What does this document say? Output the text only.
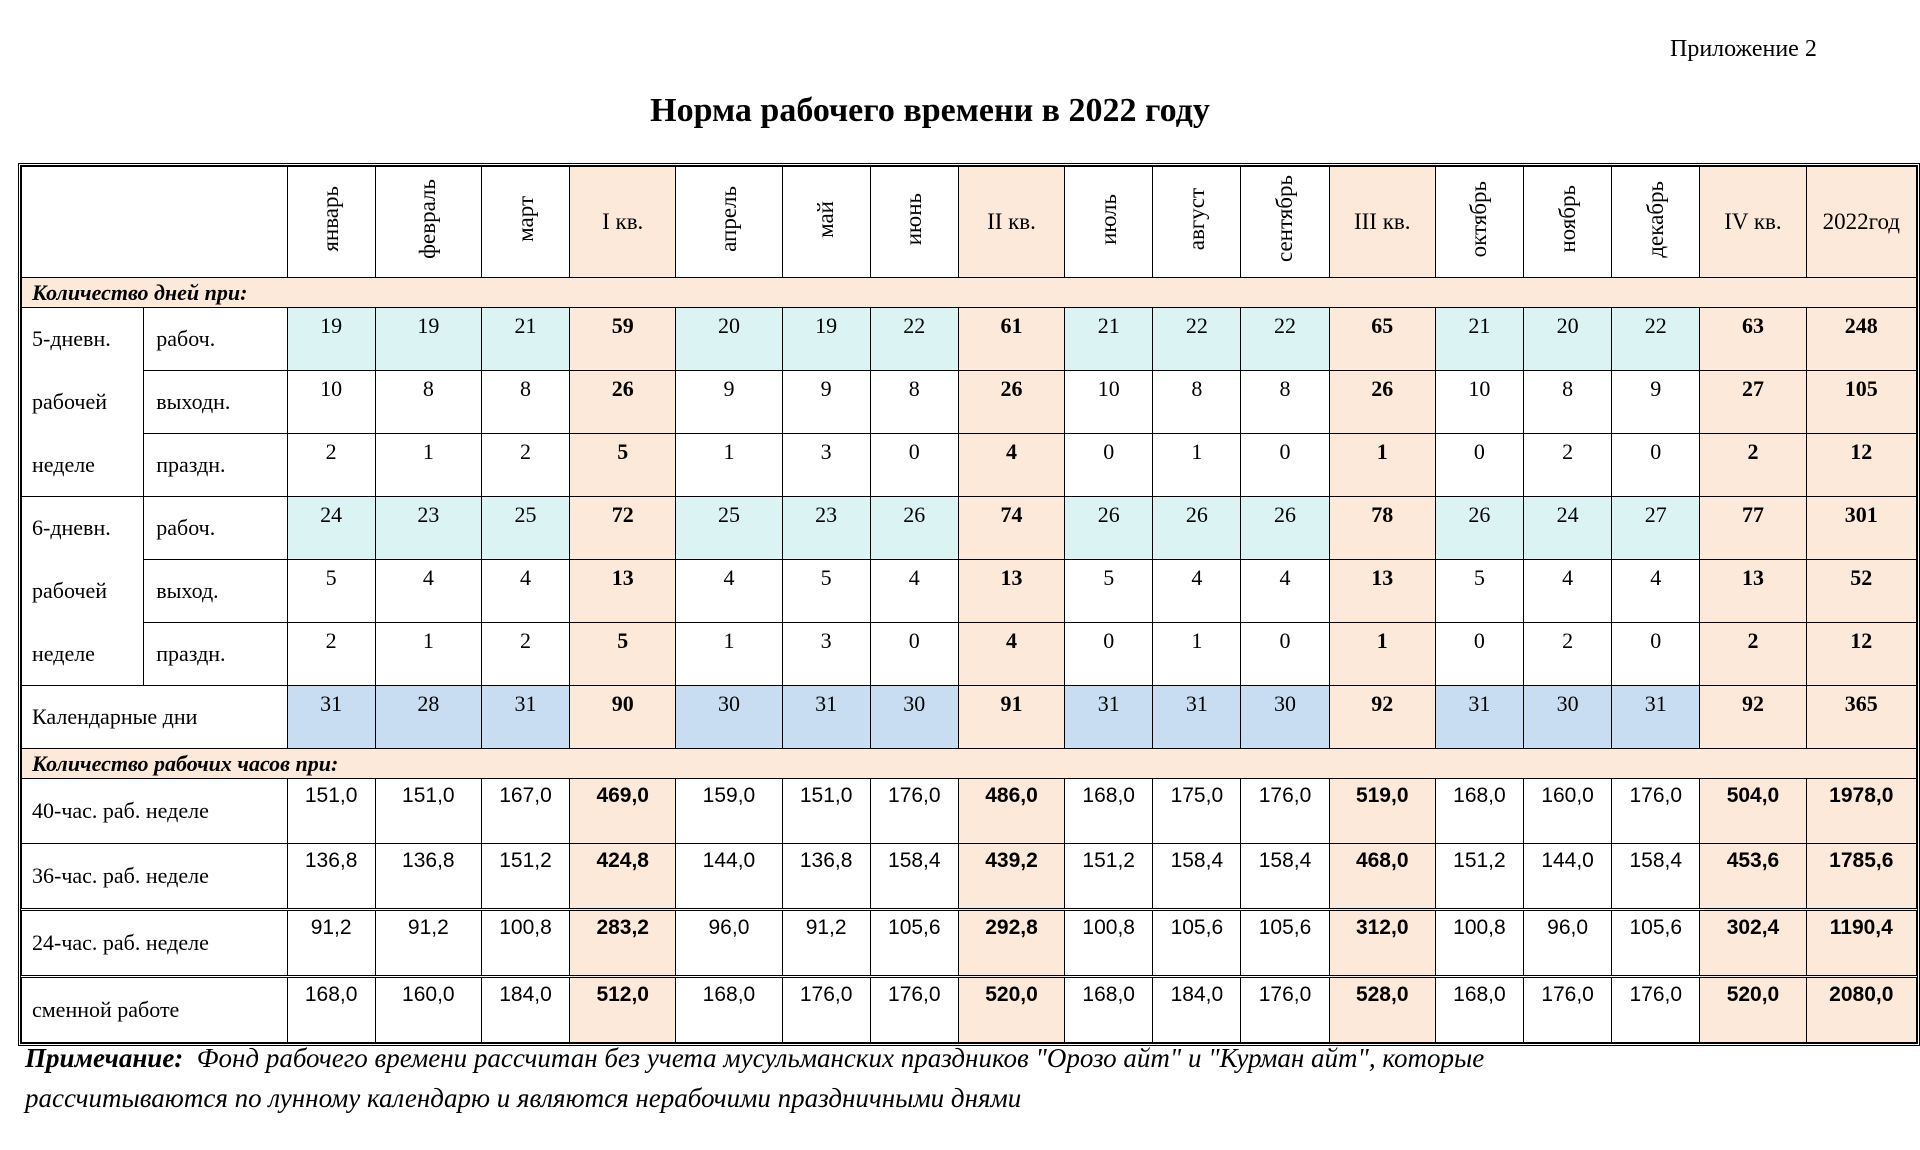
Приложение 2
Норма рабочего времени в 2022 году
		январь	февраль	март	I кв.	апрель	май	июнь	II кв.	июль	август	сентябрь	III кв.	октябрь	ноябрь	декабрь	IV кв.	2022год
Количество дней при:																		
5-дневн.	рабоч.	19	19	21	59	20	19	22	61	21	22	22	65	21	20	22	63	248
рабочей	выходн.	10	8	8	26	9	9	8	26	10	8	8	26	10	8	9	27	105
неделе	праздн.	2	1	2	5	1	3	0	4	0	1	0	1	0	2	0	2	12
6-дневн.	рабоч.	24	23	25	72	25	23	26	74	26	26	26	78	26	24	27	77	301
рабочей	выход.	5	4	4	13	4	5	4	13	5	4	4	13	5	4	4	13	52
неделе	праздн.	2	1	2	5	1	3	0	4	0	1	0	1	0	2	0	2	12
Календарные дни		31	28	31	90	30	31	30	91	31	31	30	92	31	30	31	92	365
Количество рабочих часов при:																		
40-час. раб. неделе		151,0	151,0	167,0	469,0	159,0	151,0	176,0	486,0	168,0	175,0	176,0	519,0	168,0	160,0	176,0	504,0	1978,0
36-час. раб. неделе		136,8	136,8	151,2	424,8	144,0	136,8	158,4	439,2	151,2	158,4	158,4	468,0	151,2	144,0	158,4	453,6	1785,6
24-час. раб. неделе		91,2	91,2	100,8	283,2	96,0	91,2	105,6	292,8	100,8	105,6	105,6	312,0	100,8	96,0	105,6	302,4	1190,4
сменной работе		168,0	160,0	184,0	512,0	168,0	176,0	176,0	520,0	168,0	184,0	176,0	528,0	168,0	176,0	176,0	520,0	2080,0
Примечание: Фонд рабочего времени рассчитан без учета мусульманских праздников "Орозо айт" и "Курман айт", которые
рассчитываются по лунному календарю и являются нерабочими праздничными днями
